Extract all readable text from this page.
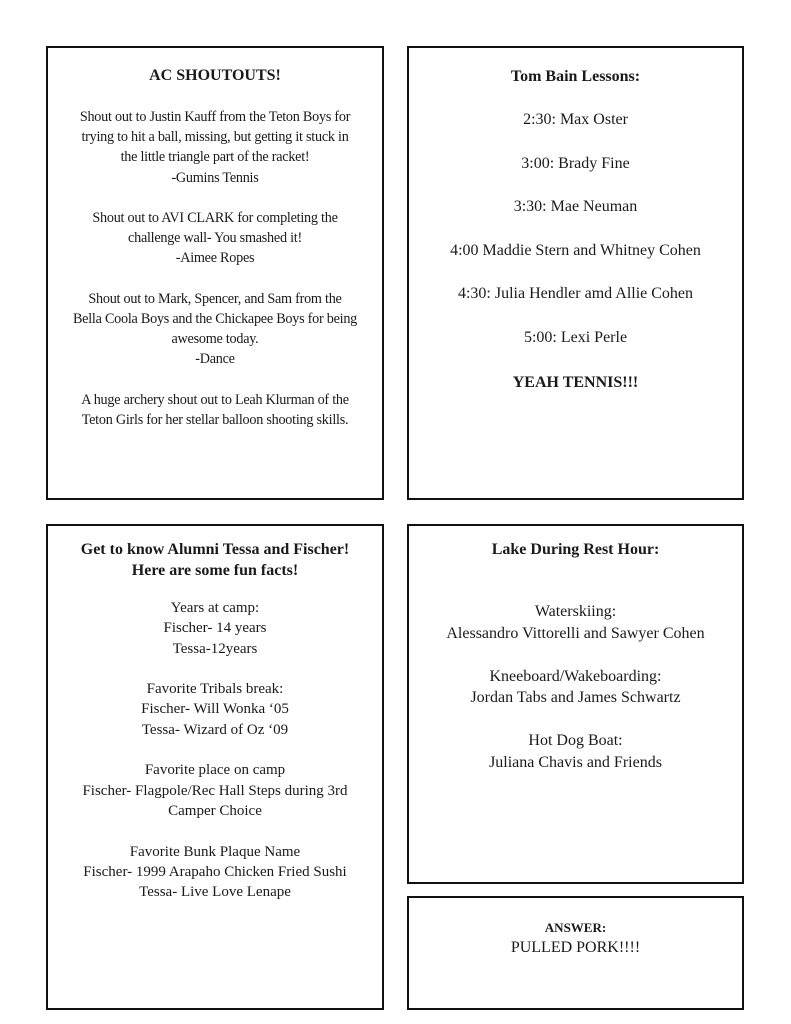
AC SHOUTOUTS!
Shout out to Justin Kauff from the Teton Boys for
trying to hit a ball, missing, but getting it stuck in
the little triangle part of the racket!
-Gumins Tennis

Shout out to AVI CLARK for completing the
challenge wall- You smashed it!
-Aimee Ropes

Shout out to Mark, Spencer, and Sam from the
Bella Coola Boys and the Chickapee Boys for being
awesome today.
-Dance

A huge archery shout out to Leah Klurman of the
Teton Girls for her stellar balloon shooting skills.
Tom Bain Lessons:
2:30: Max Oster
3:00: Brady Fine
3:30: Mae Neuman
4:00 Maddie Stern and Whitney Cohen
4:30: Julia Hendler amd Allie Cohen
5:00: Lexi Perle
YEAH TENNIS!!!
Get to know Alumni Tessa and Fischer!
Here are some fun facts!
Years at camp:
Fischer- 14 years
Tessa-12years

Favorite Tribals break:
Fischer- Will Wonka ‘05
Tessa- Wizard of Oz ‘09

Favorite place on camp
Fischer- Flagpole/Rec Hall Steps during 3rd
Camper Choice

Favorite Bunk Plaque Name
Fischer- 1999 Arapaho Chicken Fried Sushi
Tessa- Live Love Lenape
Lake During Rest Hour:
Waterskiing:
Alessandro Vittorelli and Sawyer Cohen

Kneeboard/Wakeboarding:
Jordan Tabs and James Schwartz

Hot Dog Boat:
Juliana Chavis and Friends
ANSWER:
PULLED PORK!!!!
